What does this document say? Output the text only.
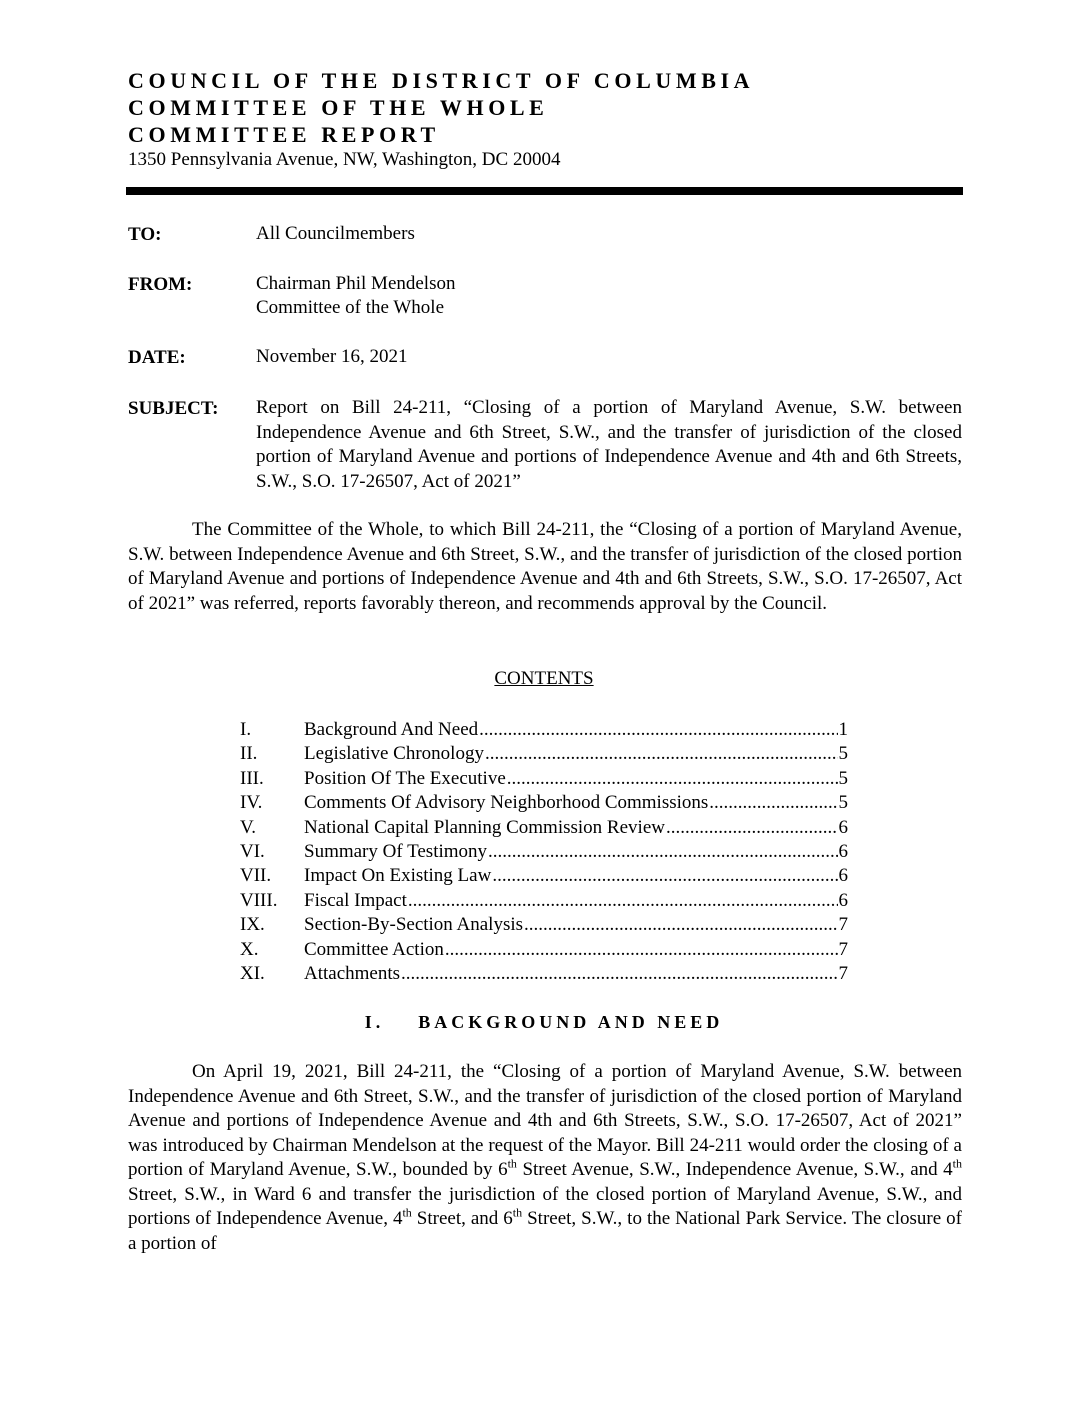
COUNCIL OF THE DISTRICT OF COLUMBIA
COMMITTEE OF THE WHOLE
COMMITTEE REPORT
1350 Pennsylvania Avenue, NW, Washington, DC 20004
TO:	All Councilmembers
FROM:	Chairman Phil Mendelson
Committee of the Whole
DATE:	November 16, 2021
SUBJECT: Report on Bill 24-211, “Closing of a portion of Maryland Avenue, S.W. between Independence Avenue and 6th Street, S.W., and the transfer of jurisdiction of the closed portion of Maryland Avenue and portions of Independence Avenue and 4th and 6th Streets, S.W., S.O. 17-26507, Act of 2021”

The Committee of the Whole, to which Bill 24-211, the “Closing of a portion of Maryland Avenue, S.W. between Independence Avenue and 6th Street, S.W., and the transfer of jurisdiction of the closed portion of Maryland Avenue and portions of Independence Avenue and 4th and 6th Streets, S.W., S.O. 17-26507, Act of 2021” was referred, reports favorably thereon, and recommends approval by the Council.

CONTENTS
I.	Background And Need .....	1
II. Legislative Chronology .....	5
III. Position Of The Executive .....	5
IV. Comments Of Advisory Neighborhood Commissions .....	5
V.	National Capital Planning Commission Review .....	6
VI. Summary Of Testimony .....	6
VII. Impact On Existing Law .....	6
VIII. Fiscal Impact .....	6
IX. Section-By-Section Analysis .....	7
X. Committee Action .....	7
XI. Attachments .....	7
I.    BACKGROUND AND NEED

On April 19, 2021, Bill 24-211, the “Closing of a portion of Maryland Avenue, S.W. between Independence Avenue and 6th Street, S.W., and the transfer of jurisdiction of the closed portion of Maryland Avenue and portions of Independence Avenue and 4th and 6th Streets, S.W., S.O. 17-26507, Act of 2021” was introduced by Chairman Mendelson at the request of the Mayor. Bill 24-211 would order the closing of a portion of Maryland Avenue, S.W., bounded by 6th Street Avenue, S.W., Independence Avenue, S.W., and 4th Street, S.W., in Ward 6 and transfer the jurisdiction of the closed portion of Maryland Avenue, S.W., and portions of Independence Avenue, 4th Street, and 6th Street, S.W., to the National Park Service. The closure of a portion of
